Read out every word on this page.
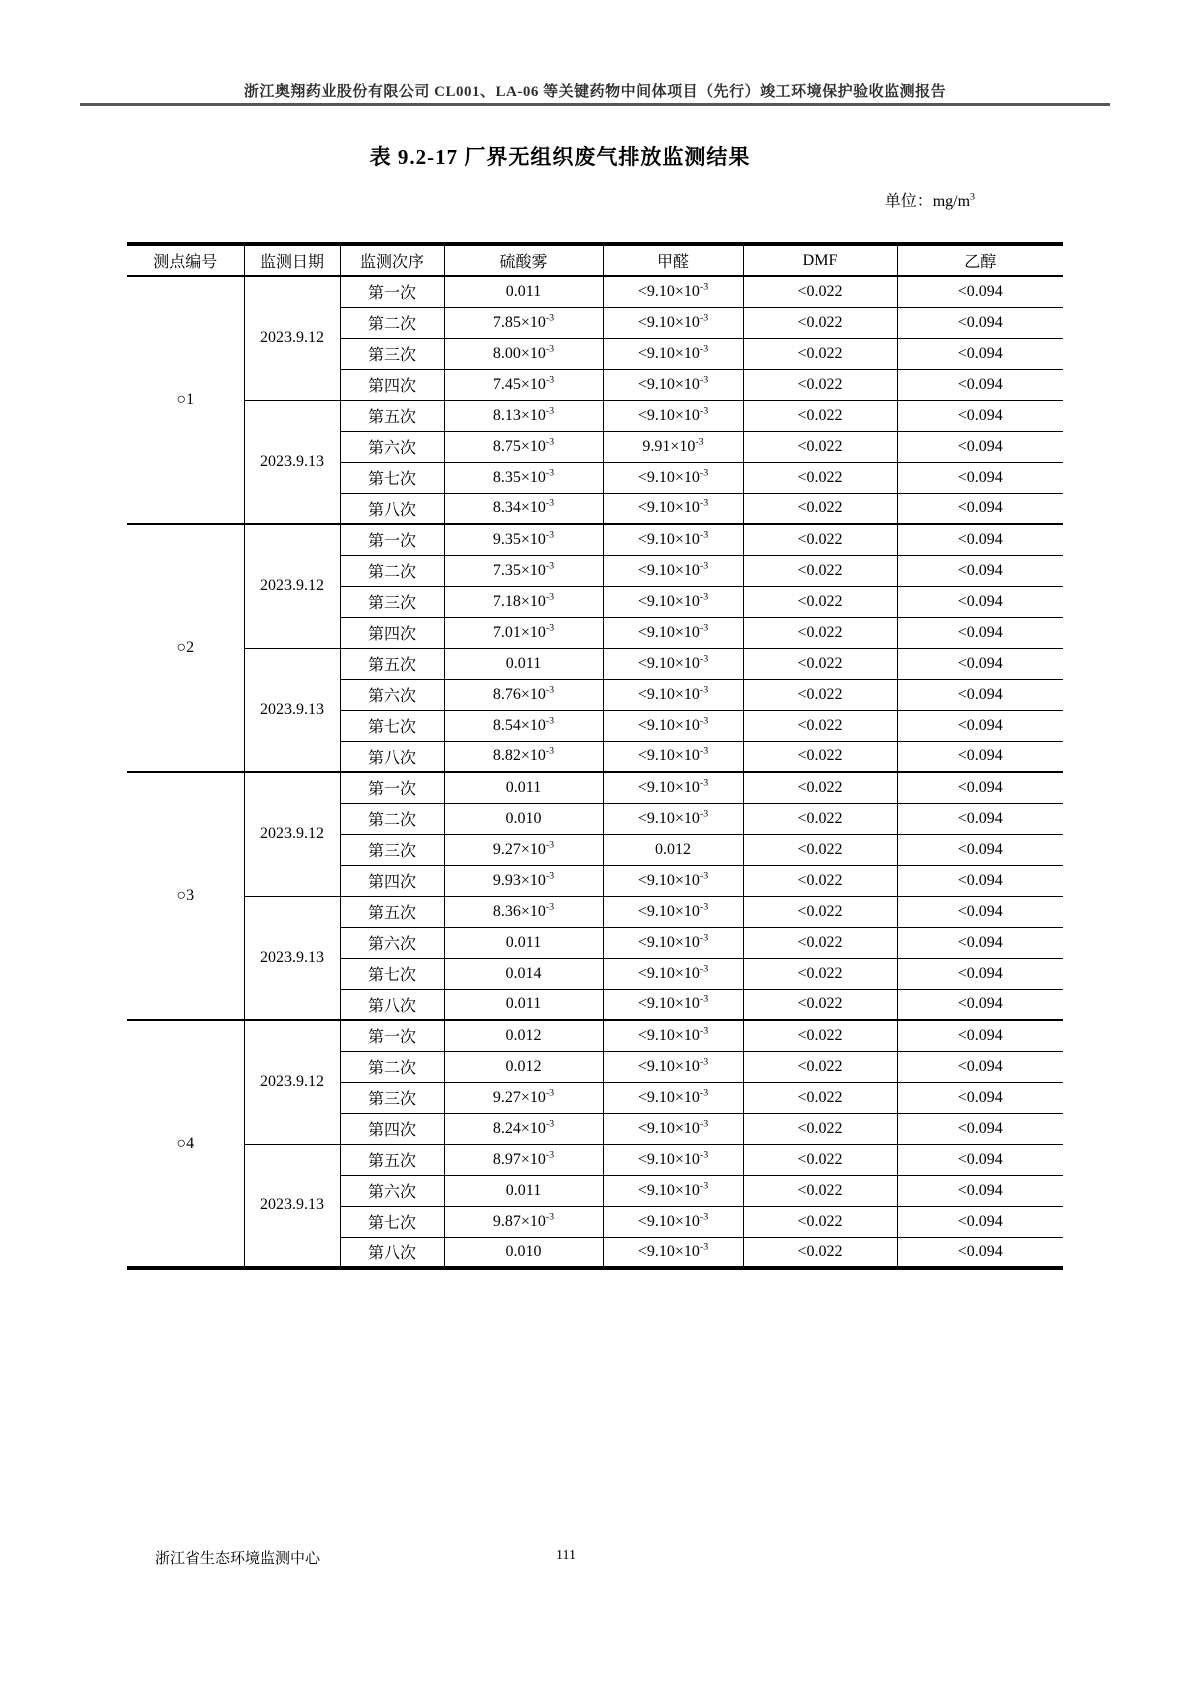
浙江奥翔药业股份有限公司 CL001、LA-06 等关键药物中间体项目（先行）竣工环境保护验收监测报告
表 9.2-17 厂界无组织废气排放监测结果
单位：$mg/m^3$
测点编号	监测日期	监测次序	硫酸雾	甲醛	DMF	乙醇
○1	2023.9.12	第一次	0.011	$<9.10\times 10^{-3}$	<0.022	<0.094
		第二次	$7.85\times 10^{-3}$	$<9.10\times 10^{-3}$	<0.022	<0.094
		第三次	$8.00\times 10^{-3}$	$<9.10\times 10^{-3}$	<0.022	<0.094
		第四次	$7.45\times 10^{-3}$	$<9.10\times 10^{-3}$	<0.022	<0.094
	2023.9.13	第五次	$8.13\times 10^{-3}$	$<9.10\times 10^{-3}$	<0.022	<0.094
		第六次	$8.75\times 10^{-3}$	$9.91\times 10^{-3}$	<0.022	<0.094
		第七次	$8.35\times 10^{-3}$	$<9.10\times 10^{-3}$	<0.022	<0.094
		第八次	$8.34\times 10^{-3}$	$<9.10\times 10^{-3}$	<0.022	<0.094
○2	2023.9.12	第一次	$9.35\times 10^{-3}$	$<9.10\times 10^{-3}$	<0.022	<0.094
		第二次	$7.35\times 10^{-3}$	$<9.10\times 10^{-3}$	<0.022	<0.094
		第三次	$7.18\times 10^{-3}$	$<9.10\times 10^{-3}$	<0.022	<0.094
		第四次	$7.01\times 10^{-3}$	$<9.10\times 10^{-3}$	<0.022	<0.094
	2023.9.13	第五次	0.011	$<9.10\times 10^{-3}$	<0.022	<0.094
		第六次	$8.76\times 10^{-3}$	$<9.10\times 10^{-3}$	<0.022	<0.094
		第七次	$8.54\times 10^{-3}$	$<9.10\times 10^{-3}$	<0.022	<0.094
		第八次	$8.82\times 10^{-3}$	$<9.10\times 10^{-3}$	<0.022	<0.094
○3	2023.9.12	第一次	0.011	$<9.10\times 10^{-3}$	<0.022	<0.094
		第二次	0.010	$<9.10\times 10^{-3}$	<0.022	<0.094
		第三次	$9.27\times 10^{-3}$	0.012	<0.022	<0.094
		第四次	$9.93\times 10^{-3}$	$<9.10\times 10^{-3}$	<0.022	<0.094
	2023.9.13	第五次	$8.36\times 10^{-3}$	$<9.10\times 10^{-3}$	<0.022	<0.094
		第六次	0.011	$<9.10\times 10^{-3}$	<0.022	<0.094
		第七次	0.014	$<9.10\times 10^{-3}$	<0.022	<0.094
		第八次	0.011	$<9.10\times 10^{-3}$	<0.022	<0.094
○4	2023.9.12	第一次	0.012	$<9.10\times 10^{-3}$	<0.022	<0.094
		第二次	0.012	$<9.10\times 10^{-3}$	<0.022	<0.094
		第三次	$9.27\times 10^{-3}$	$<9.10\times 10^{-3}$	<0.022	<0.094
		第四次	$8.24\times 10^{-3}$	$<9.10\times 10^{-3}$	<0.022	<0.094
	2023.9.13	第五次	$8.97\times 10^{-3}$	$<9.10\times 10^{-3}$	<0.022	<0.094
		第六次	0.011	$<9.10\times 10^{-3}$	<0.022	<0.094
		第七次	$9.87\times 10^{-3}$	$<9.10\times 10^{-3}$	<0.022	<0.094
		第八次	0.010	$<9.10\times 10^{-3}$	<0.022	<0.094
浙江省生态环境监测中心	111
